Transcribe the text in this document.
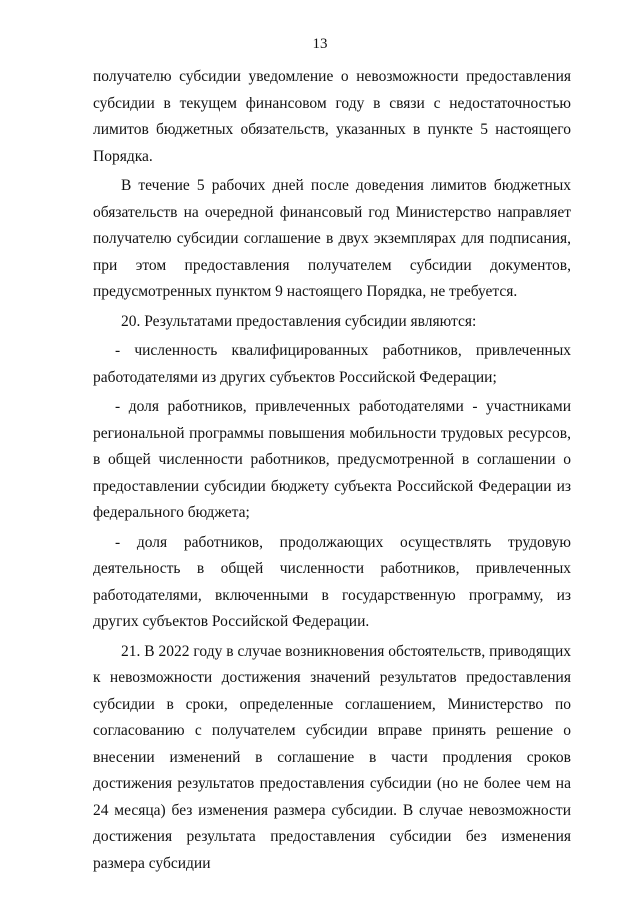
13

получателю субсидии уведомление о невозможности предоставления субсидии в текущем финансовом году в связи с недостаточностью лимитов бюджетных обязательств, указанных в пункте 5 настоящего Порядка.

В течение 5 рабочих дней после доведения лимитов бюджетных обязательств на очередной финансовый год Министерство направляет получателю субсидии соглашение в двух экземплярах для подписания, при этом предоставления получателем субсидии документов, предусмотренных пунктом 9 настоящего Порядка, не требуется.

20. Результатами предоставления субсидии являются:

- численность квалифицированных работников, привлеченных работодателями из других субъектов Российской Федерации;

- доля работников, привлеченных работодателями - участниками региональной программы повышения мобильности трудовых ресурсов, в общей численности работников, предусмотренной в соглашении о предоставлении субсидии бюджету субъекта Российской Федерации из федерального бюджета;

- доля работников, продолжающих осуществлять трудовую деятельность в общей численности работников, привлеченных работодателями, включенными в государственную программу, из других субъектов Российской Федерации.

21. В 2022 году в случае возникновения обстоятельств, приводящих к невозможности достижения значений результатов предоставления субсидии в сроки, определенные соглашением, Министерство по согласованию с получателем субсидии вправе принять решение о внесении изменений в соглашение в части продления сроков достижения результатов предоставления субсидии (но не более чем на 24 месяца) без изменения размера субсидии. В случае невозможности достижения результата предоставления субсидии без изменения размера субсидии
